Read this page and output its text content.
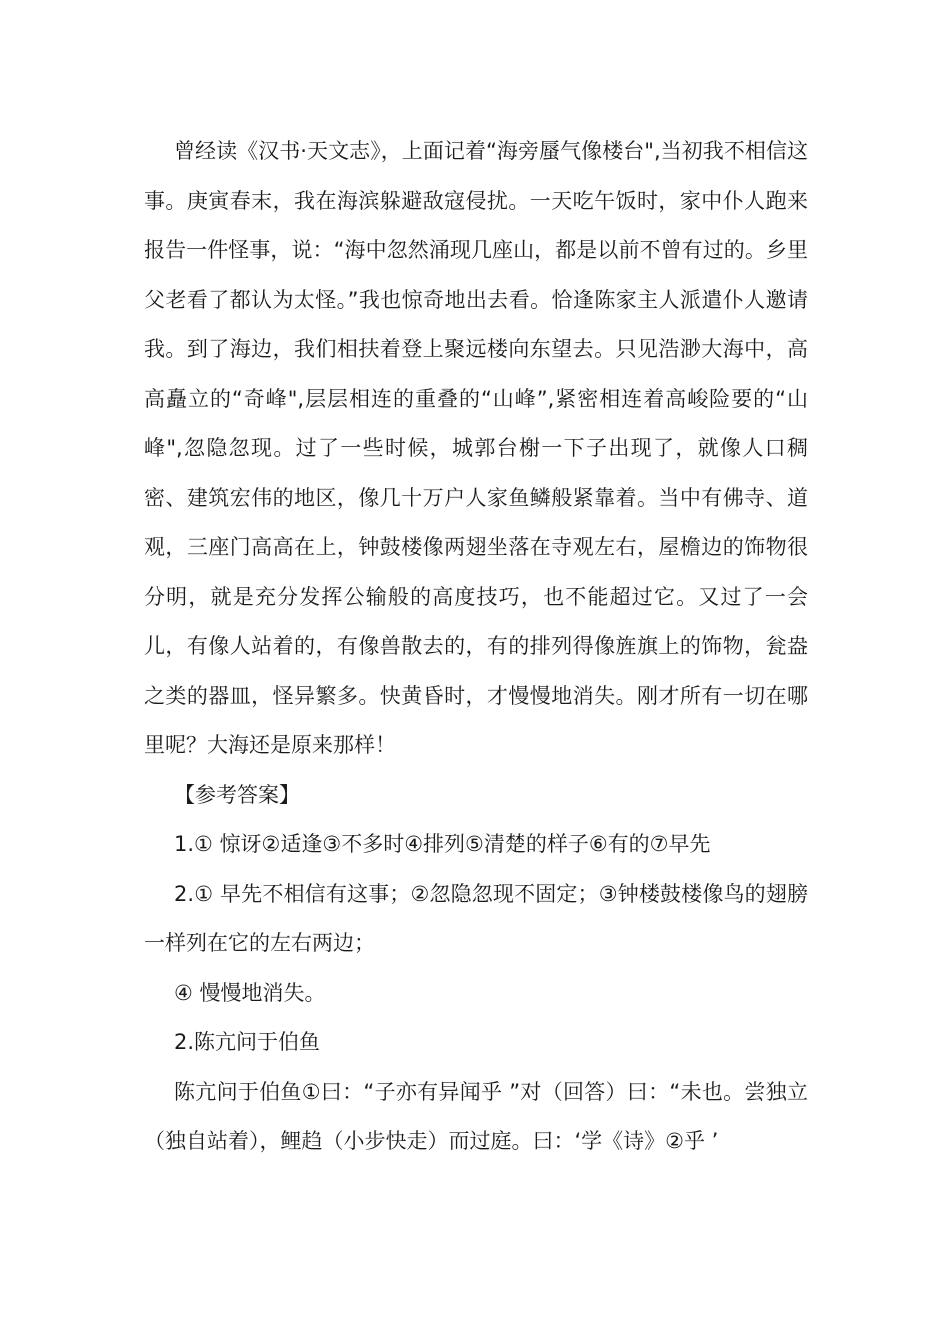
曾经读《汉书·天文志》，上面记着“海旁蜃气像楼台",当初我不相信这事。庚寅春末，我在海滨躲避敌寇侵扰。一天吃午饭时，家中仆人跑来报告一件怪事，说：“海中忽然涌现几座山，都是以前不曾有过的。乡里父老看了都认为太怪。”我也惊奇地出去看。恰逢陈家主人派遣仆人邀请我。到了海边，我们相扶着登上聚远楼向东望去。只见浩渺大海中，高高矗立的“奇峰",层层相连的重叠的“山峰”,紧密相连着高峻险要的“山峰",忽隐忽现。过了一些时候，城郭台榭一下子出现了，就像人口稠密、建筑宏伟的地区，像几十万户人家鱼鳞般紧靠着。当中有佛寺、道观，三座门高高在上，钟鼓楼像两翅坐落在寺观左右，屋檐边的饰物很分明，就是充分发挥公输般的高度技巧，也不能超过它。又过了一会儿，有像人站着的，有像兽散去的，有的排列得像旌旗上的饰物，瓮盎之类的器皿，怪异繁多。快黄昏时，才慢慢地消失。刚才所有一切在哪里呢？大海还是原来那样！

【参考答案】

1.① 惊讶②适逢③不多时④排列⑤清楚的样子⑥有的⑦早先

2.① 早先不相信有这事；②忽隐忽现不固定；③钟楼鼓楼像鸟的翅膀一样列在它的左右两边；

④ 慢慢地消失。

2.陈亢问于伯鱼

陈亢问于伯鱼①曰：“子亦有异闻乎 ”对（回答）曰：“未也。尝独立（独自站着），鲤趋（小步快走）而过庭。曰：‘学《诗》②乎 ’
